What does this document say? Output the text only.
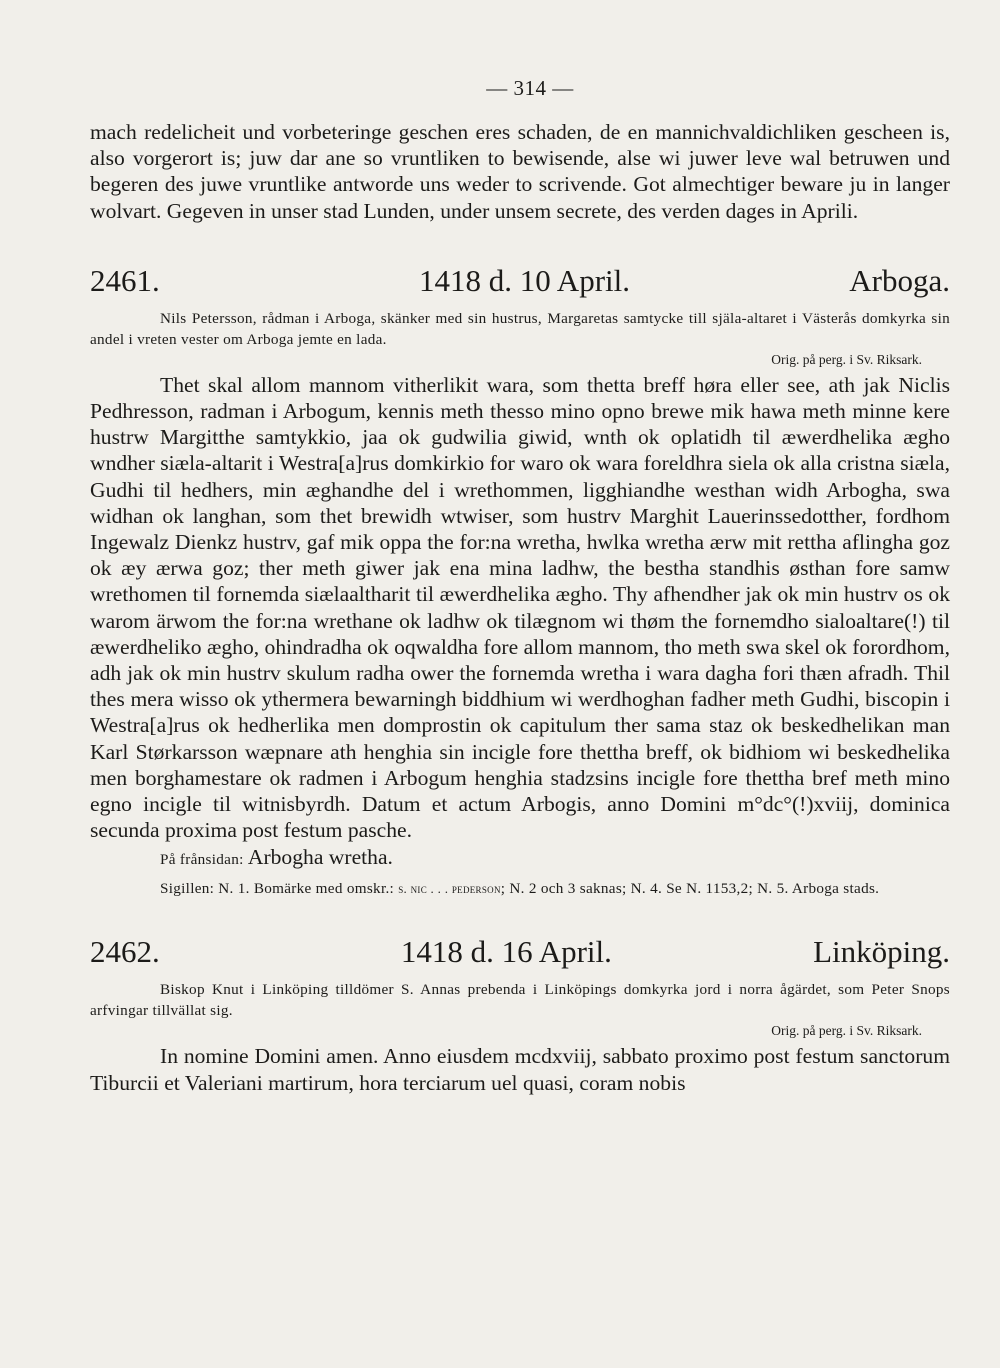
— 314 —

mach redelicheit und vorbeteringe geschen eres schaden, de en mannichvaldichliken gescheen is, also vorgerort is; juw dar ane so vruntliken to bewisende, alse wi juwer leve wal betruwen und begeren des juwe vruntlike antworde uns weder to scrivende. Got almechtiger beware ju in langer wolvart. Gegeven in unser stad Lunden, under unsem secrete, des verden dages in Aprili.

2461.	1418 d. 10 April.	Arboga.

Nils Petersson, rådman i Arboga, skänker med sin hustrus, Margaretas samtycke till själa-altaret i Västerås domkyrka sin andel i vreten vester om Arboga jemte en lada.

Orig. på perg. i Sv. Riksark.

Thet skal allom mannom vitherlikit wara, som thetta breff høra eller see, ath jak Niclis Pedhresson, radman i Arbogum, kennis meth thesso mino opno brewe mik hawa meth minne kere hustrw Margitthe samtykkio, jaa ok gudwilia giwid, wnth ok oplatidh til æwerdhelika ægho wndher siæla-altarit i Westra[a]rus domkirkio for waro ok wara foreldhra siela ok alla cristna siæla, Gudhi til hedhers, min æghandhe del i wrethommen, ligghiandhe westhan widh Arbogha, swa widhan ok langhan, som thet brewidh wtwiser, som hustrv Marghit Lauerinssedotther, fordhom Ingewalz Dienkz hustrv, gaf mik oppa the for:na wretha, hwlka wretha ærw mit rettha aflingha goz ok æy ærwa goz; ther meth giwer jak ena mina ladhw, the bestha standhis østhan fore samw wrethomen til fornemda siælaaltharit til æwerdhelika ægho. Thy afhendher jak ok min hustrv os ok warom ärwom the for:na wrethane ok ladhw ok tilægnom wi thøm the fornemdho sialoaltare(!) til æwerdheliko ægho, ohindradha ok oqwaldha fore allom mannom, tho meth swa skel ok forordhom, adh jak ok min hustrv skulum radha ower the fornemda wretha i wara dagha fori thæn afradh. Thil thes mera wisso ok ythermera bewarningh biddhium wi werdhoghan fadher meth Gudhi, biscopin i Westra[a]rus ok hedherlika men domprostin ok capitulum ther sama staz ok beskedhelikan man Karl Størkarsson wæpnare ath henghia sin incigle fore thettha breff, ok bidhiom wi beskedhelika men borghamestare ok radmen i Arbogum henghia stadzsins incigle fore thettha bref meth mino egno incigle til witnisbyrdh. Datum et actum Arbogis, anno Domini m°dc°(!)xviij, dominica secunda proxima post festum pasche.

På frånsidan: Arbogha wretha.

Sigillen: N. 1. Bomärke med omskr.: s. nic . . . pederson; N. 2 och 3 saknas; N. 4. Se N. 1153,2; N. 5. Arboga stads.

2462.	1418 d. 16 April.	Linköping.

Biskop Knut i Linköping tilldömer S. Annas prebenda i Linköpings domkyrka jord i norra ågärdet, som Peter Snops arfvingar tillvällat sig.

Orig. på perg. i Sv. Riksark.

In nomine Domini amen. Anno eiusdem mcdxviij, sabbato proximo post festum sanctorum Tiburcii et Valeriani martirum, hora terciarum uel quasi, coram nobis
